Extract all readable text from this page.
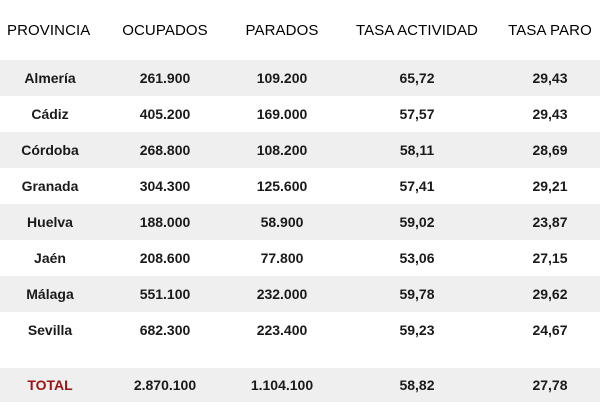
PROVINCIA	OCUPADOS	PARADOS	TASA ACTIVIDAD	TASA PARO
Almería	261.900	109.200	65,72	29,43
Cádiz	405.200	169.000	57,57	29,43
Córdoba	268.800	108.200	58,11	28,69
Granada	304.300	125.600	57,41	29,21
Huelva	188.000	58.900	59,02	23,87
Jaén	208.600	77.800	53,06	27,15
Málaga	551.100	232.000	59,78	29,62
Sevilla	682.300	223.400	59,23	24,67
TOTAL	2.870.100	1.104.100	58,82	27,78
